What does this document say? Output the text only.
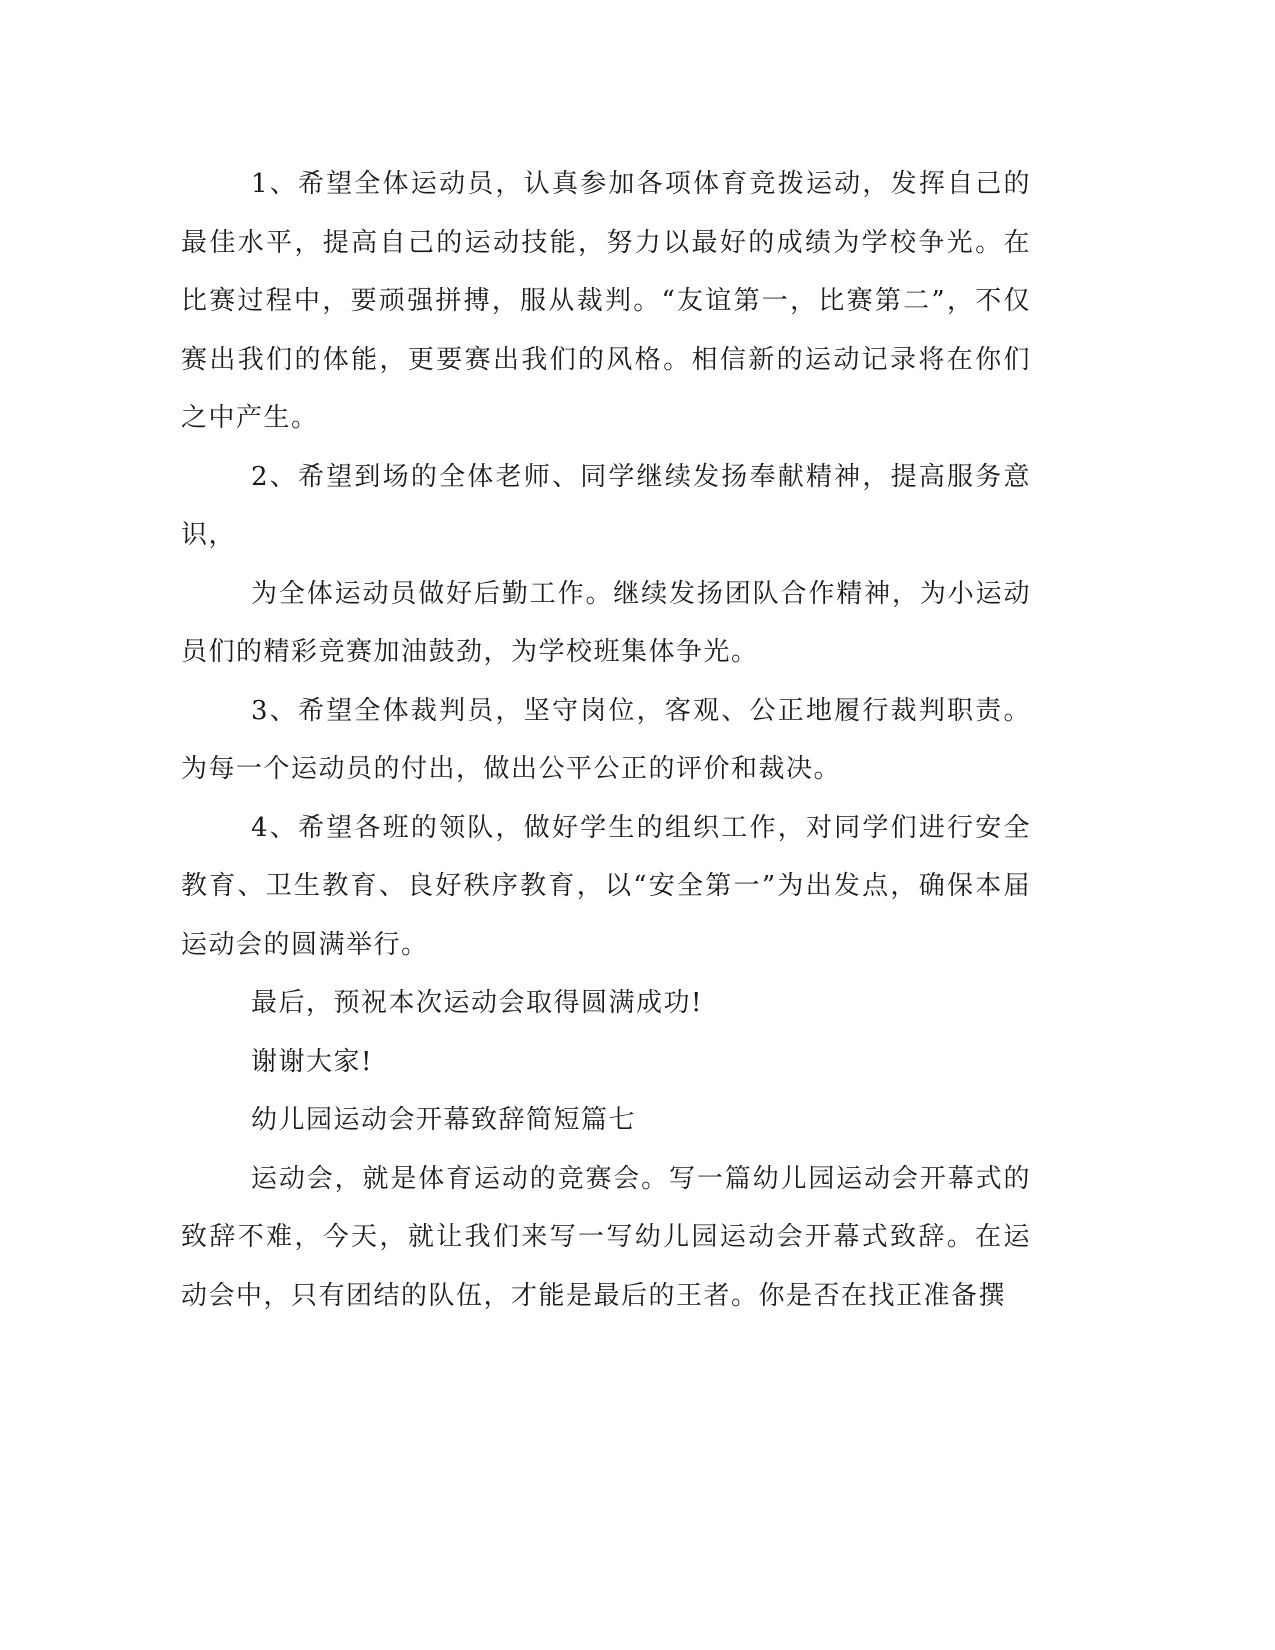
1、希望全体运动员，认真参加各项体育竞拨运动，发挥自己的最佳水平，提高自己的运动技能，努力以最好的成绩为学校争光。在比赛过程中，要顽强拼搏，服从裁判。“友谊第一，比赛第二”，不仅赛出我们的体能，更要赛出我们的风格。相信新的运动记录将在你们之中产生。

2、希望到场的全体老师、同学继续发扬奉献精神，提高服务意识，

为全体运动员做好后勤工作。继续发扬团队合作精神，为小运动员们的精彩竞赛加油鼓劲，为学校班集体争光。

3、希望全体裁判员，坚守岗位，客观、公正地履行裁判职责。为每一个运动员的付出，做出公平公正的评价和裁决。

4、希望各班的领队，做好学生的组织工作，对同学们进行安全教育、卫生教育、良好秩序教育，以“安全第一”为出发点，确保本届运动会的圆满举行。

最后，预祝本次运动会取得圆满成功!

谢谢大家!

幼儿园运动会开幕致辞简短篇七

运动会，就是体育运动的竞赛会。写一篇幼儿园运动会开幕式的致辞不难，今天，就让我们来写一写幼儿园运动会开幕式致辞。在运动会中，只有团结的队伍，才能是最后的王者。你是否在找正准备撰
